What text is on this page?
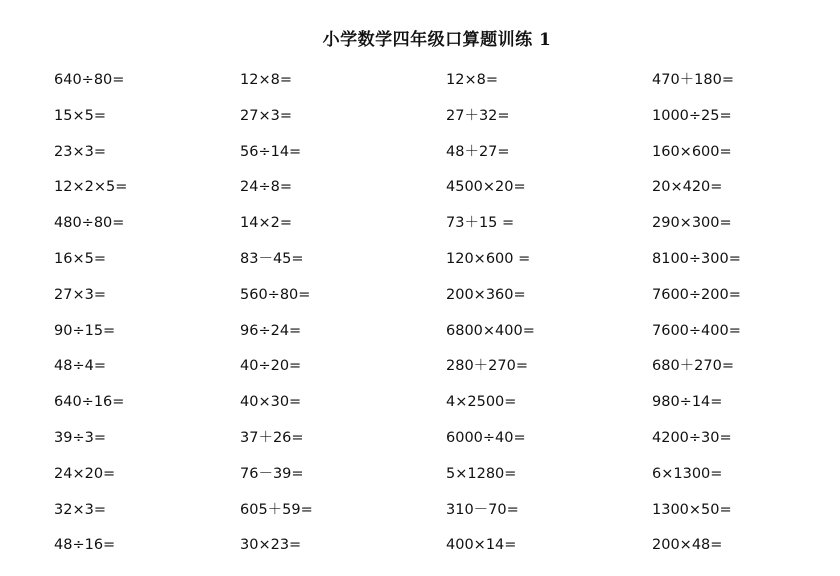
小学数学四年级口算题训练 1
640÷80=	12×8=	12×8=	470＋180=
15×5=	27×3=	27＋32=	1000÷25=
23×3=	56÷14=	48＋27=	160×600=
12×2×5=	24÷8=	4500×20=	20×420=
480÷80=	14×2=	73＋15 =	290×300=
16×5=	83－45=	120×600 =	8100÷300=
27×3=	560÷80=	200×360=	7600÷200=
90÷15=	96÷24=	6800×400=	7600÷400=
48÷4=	40÷20=	280＋270=	680＋270=
640÷16=	40×30=	4×2500=	980÷14=
39÷3=	37＋26=	6000÷40=	4200÷30=
24×20=	76－39=	5×1280=	6×1300=
32×3=	605＋59=	310－70=	1300×50=
48÷16=	30×23=	400×14=	200×48=
